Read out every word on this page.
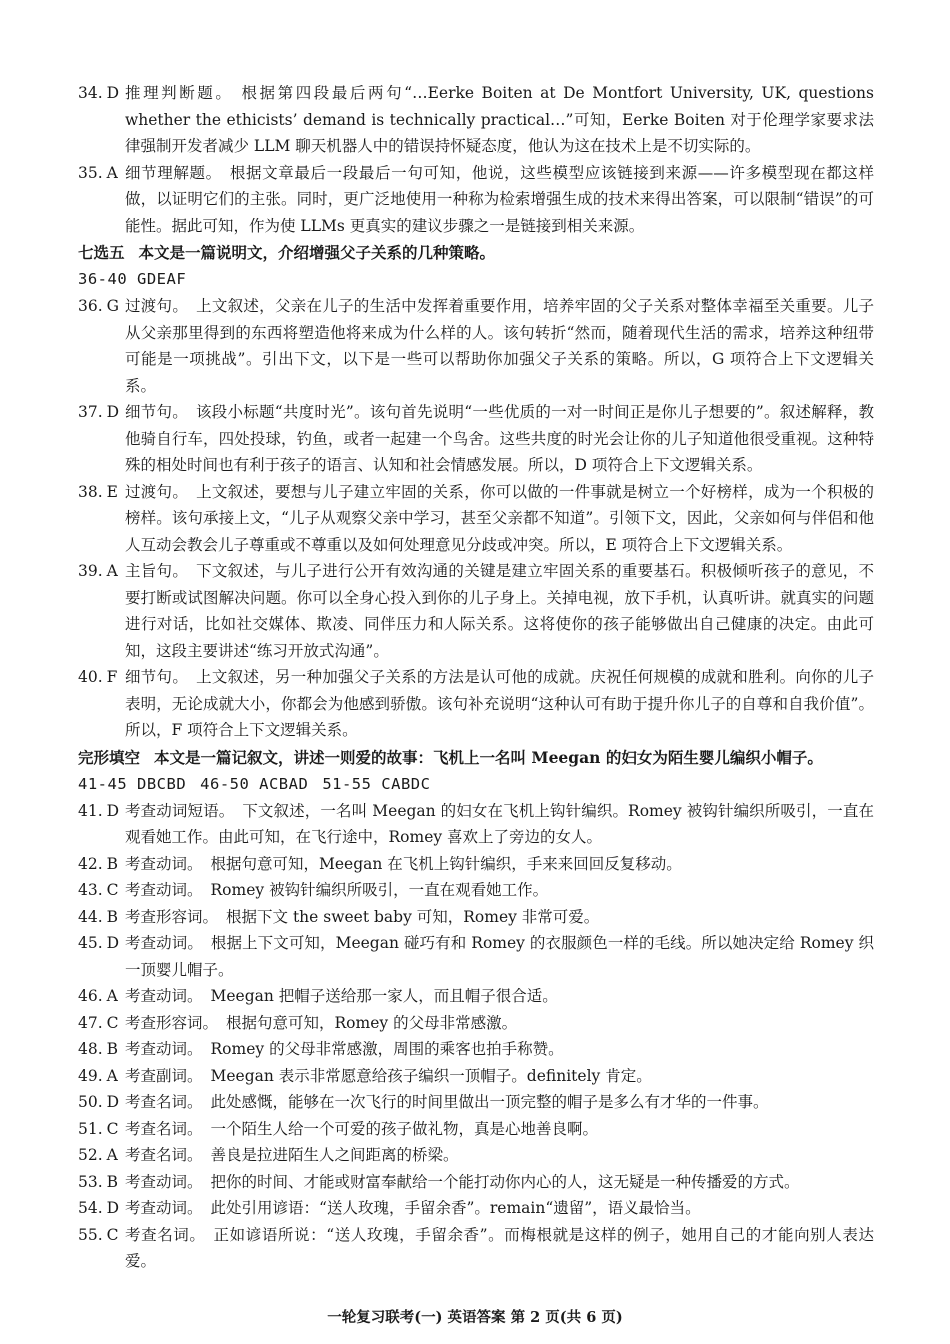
34. D 推理判断题。 根据第四段最后两句“…Eerke Boiten at De Montfort University, UK, questions whether the ethicists’ demand is technically practical…”可知，Eerke Boiten 对于伦理学家要求法律强制开发者减少 LLM 聊天机器人中的错误持怀疑态度，他认为这在技术上是不切实际的。

35. A 细节理解题。 根据文章最后一段最后一句可知，他说，这些模型应该链接到来源——许多模型现在都这样做，以证明它们的主张。同时，更广泛地使用一种称为检索增强生成的技术来得出答案，可以限制“错误”的可能性。据此可知，作为使 LLMs 更真实的建议步骤之一是链接到相关来源。

七选五 本文是一篇说明文，介绍增强父子关系的几种策略。

36-40 GDEAF

36. G 过渡句。 上文叙述，父亲在儿子的生活中发挥着重要作用，培养牢固的父子关系对整体幸福至关重要。儿子从父亲那里得到的东西将塑造他将来成为什么样的人。该句转折“然而，随着现代生活的需求，培养这种纽带可能是一项挑战”。引出下文，以下是一些可以帮助你加强父子关系的策略。所以，G 项符合上下文逻辑关系。

37. D 细节句。 该段小标题“共度时光”。该句首先说明“一些优质的一对一时间正是你儿子想要的”。叙述解释，教他骑自行车，四处投球，钓鱼，或者一起建一个鸟舍。这些共度的时光会让你的儿子知道他很受重视。这种特殊的相处时间也有利于孩子的语言、认知和社会情感发展。所以，D 项符合上下文逻辑关系。

38. E 过渡句。 上文叙述，要想与儿子建立牢固的关系，你可以做的一件事就是树立一个好榜样，成为一个积极的榜样。该句承接上文，“儿子从观察父亲中学习，甚至父亲都不知道”。引领下文，因此，父亲如何与伴侣和他人互动会教会儿子尊重或不尊重以及如何处理意见分歧或冲突。所以，E 项符合上下文逻辑关系。

39. A 主旨句。 下文叙述，与儿子进行公开有效沟通的关键是建立牢固关系的重要基石。积极倾听孩子的意见，不要打断或试图解决问题。你可以全身心投入到你的儿子身上。关掉电视，放下手机，认真听讲。就真实的问题进行对话，比如社交媒体、欺凌、同伴压力和人际关系。这将使你的孩子能够做出自己健康的决定。由此可知，这段主要讲述“练习开放式沟通”。

40. F 细节句。 上文叙述，另一种加强父子关系的方法是认可他的成就。庆祝任何规模的成就和胜利。向你的儿子表明，无论成就大小，你都会为他感到骄傲。该句补充说明“这种认可有助于提升你儿子的自尊和自我价值”。所以，F 项符合上下文逻辑关系。

完形填空 本文是一篇记叙文，讲述一则爱的故事：飞机上一名叫 Meegan 的妇女为陌生婴儿编织小帽子。

41-45 DBCBD 46-50 ACBAD 51-55 CABDC

41. D 考查动词短语。 下文叙述，一名叫 Meegan 的妇女在飞机上钩针编织。Romey 被钩针编织所吸引，一直在观看她工作。由此可知，在飞行途中，Romey 喜欢上了旁边的女人。

42. B 考查动词。 根据句意可知，Meegan 在飞机上钩针编织，手来来回回反复移动。

43. C 考查动词。 Romey 被钩针编织所吸引，一直在观看她工作。

44. B 考查形容词。 根据下文 the sweet baby 可知，Romey 非常可爱。

45. D 考查动词。 根据上下文可知，Meegan 碰巧有和 Romey 的衣服颜色一样的毛线。所以她决定给 Romey 织一顶婴儿帽子。

46. A 考查动词。 Meegan 把帽子送给那一家人，而且帽子很合适。

47. C 考查形容词。 根据句意可知，Romey 的父母非常感激。

48. B 考查动词。 Romey 的父母非常感激，周围的乘客也拍手称赞。

49. A 考查副词。 Meegan 表示非常愿意给孩子编织一顶帽子。definitely 肯定。

50. D 考查名词。 此处感慨，能够在一次飞行的时间里做出一顶完整的帽子是多么有才华的一件事。

51. C 考查名词。 一个陌生人给一个可爱的孩子做礼物，真是心地善良啊。

52. A 考查名词。 善良是拉进陌生人之间距离的桥梁。

53. B 考查动词。 把你的时间、才能或财富奉献给一个能打动你内心的人，这无疑是一种传播爱的方式。

54. D 考查动词。 此处引用谚语：“送人玫瑰，手留余香”。remain“遗留”，语义最恰当。

55. C 考查名词。 正如谚语所说：“送人玫瑰，手留余香”。而梅根就是这样的例子，她用自己的才能向别人表达爱。

一轮复习联考(一) 英语答案 第 2 页(共 6 页)
